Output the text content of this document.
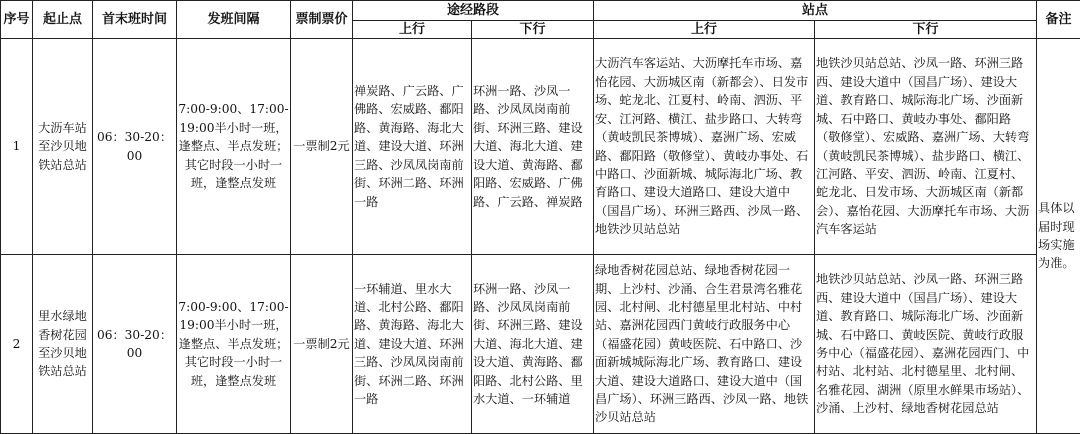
序号	起止点	首末班时间	发班间隔	票制票价	途经路段		站点		备注
					上行	下行	上行	下行	
1	大沥车站至沙贝地铁站总站	06：30-20：00	7:00-9:00、17:00-19:00半小时一班，逢整点、半点发班；其它时段一小时一班，逢整点发班	一票制2元	禅炭路、广云路、广佛路、宏威路、鄱阳路、黄海路、海北大道、建设大道、环洲三路、沙凤凤岗南前街、环洲二路、环洲一路	环洲一路、沙凤一路、沙凤凤岗南前街、环洲三路、建设大道、海北大道、建设大道、黄海路、鄱阳路、宏威路、广佛路、广云路、禅炭路	大沥汽车客运站、大沥摩托车市场、嘉怡花园、大沥城区南（新都会）、日发市场、蛇龙北、江夏村、岭南、泗沥、平安、江河路、横江、盐步路口、大转弯（黄岐凯民茶博城）、嘉洲广场、宏威路、鄱阳路（敬修堂）、黄岐办事处、石中路口、沙面新城、城际海北广场、教育路口、建设大道路口、建设大道中（国昌广场）、环洲三路西、沙凤一路、地铁沙贝站总站	地铁沙贝站总站、沙凤一路、环洲三路西、建设大道中（国昌广场）、建设大道、教育路口、城际海北广场、沙面新城、石中路口、黄岐办事处、鄱阳路（敬修堂）、宏威路、嘉洲广场、大转弯（黄岐凯民茶博城）、盐步路口、横江、江河路、平安、泗沥、岭南、江夏村、蛇龙北、日发市场、大沥城区南（新都会）、嘉怡花园、大沥摩托车市场、大沥汽车客运站	具体以届时现场实施为准。
2	里水绿地香树花园至沙贝地铁站总站	06：30-20：00	7:00-9:00、17:00-19:00半小时一班，逢整点、半点发班；其它时段一小时一班，逢整点发班	一票制2元	一环辅道、里水大道、北村公路、鄱阳路、黄海路、海北大道、建设大道、环洲三路、沙凤凤岗南前街、环洲二路、环洲一路	环洲一路、沙凤一路、沙凤凤岗南前街、环洲三路、建设大道、海北大道、建设大道、黄海路、鄱阳路、北村公路、里水大道、一环辅道	绿地香树花园总站、绿地香树花园一期、上沙村、沙涌、合生君景湾名雅花园、北村闸、北村德星里北村站、中村站、嘉洲花园西门黄岐行政服务中心（福盛花园）黄岐医院、石中路口、沙面新城城际海北广场、教育路口、建设大道、建设大道路口、建设大道中（国昌广场）、环洲三路西、沙凤一路、地铁沙贝站总站	地铁沙贝站总站、沙凤一路、环洲三路西、建设大道中（国昌广场）、建设大道、教育路口、城际海北广场、沙面新城、石中路口、黄岐医院、黄岐行政服务中心（福盛花园）、嘉洲花园西门、中村站、北村站、北村德星里、北村闸、名雅花园、湖洲（原里水鲜果市场站）、沙涌、上沙村、绿地香树花园总站	
